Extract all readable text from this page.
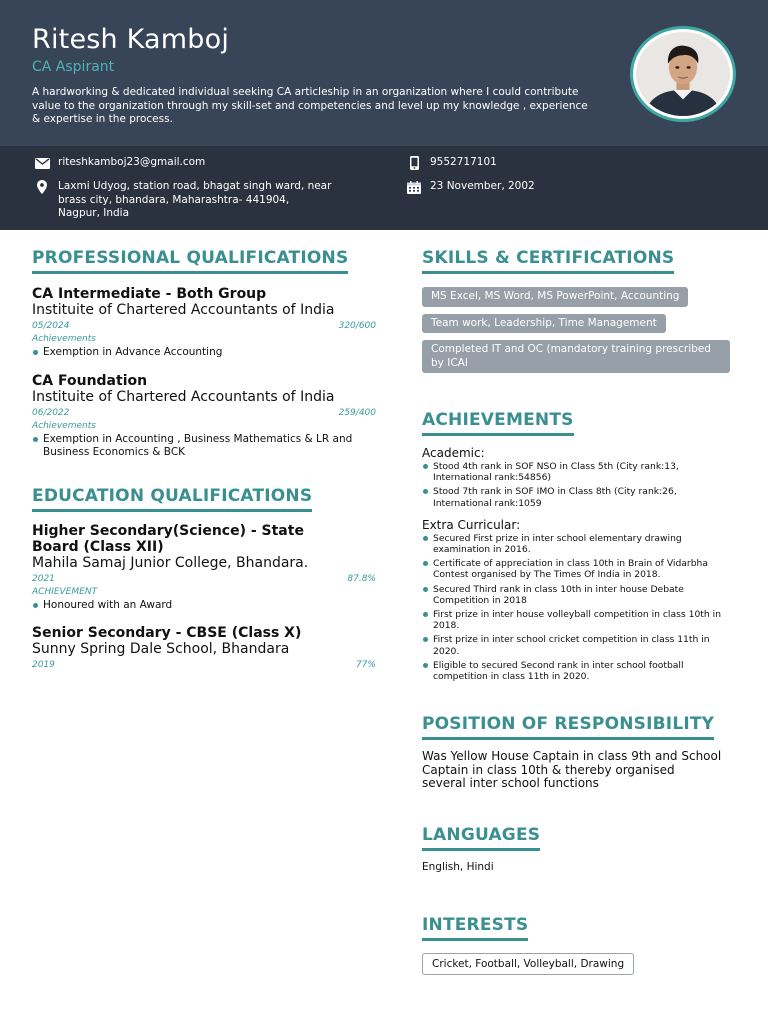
Ritesh Kamboj
CA Aspirant
A hardworking & dedicated individual seeking CA articleship in an organization where I could contribute value to the organization through my skill-set and competencies and level up my knowledge , experience & expertise in the process.
riteshkamboj23@gmail.com	9552717101
Laxmi Udyog, station road, bhagat singh ward, near brass city, bhandara, Maharashtra- 441904, Nagpur, India
23 November, 2002
PROFESSIONAL QUALIFICATIONS
CA Intermediate - Both Group
Instituite of Chartered Accountants of India
05/2024	320/600
Achievements
Exemption in Advance Accounting
CA Foundation
Instituite of Chartered Accountants of India
06/2022	259/400
Achievements
Exemption in Accounting , Business Mathematics & LR and Business Economics & BCK
EDUCATION QUALIFICATIONS
Higher Secondary(Science) - State Board (Class XII)
Mahila Samaj Junior College, Bhandara.
2021	87.8%
ACHIEVEMENT
Honoured with an Award
Senior Secondary - CBSE (Class X)
Sunny Spring Dale School, Bhandara
2019	77%
SKILLS & CERTIFICATIONS
MS Excel, MS Word, MS PowerPoint, Accounting
Team work, Leadership, Time Management
Completed IT and OC (mandatory training prescribed by ICAI
ACHIEVEMENTS
Academic:
Stood 4th rank in SOF NSO in Class 5th (City rank:13, International rank:54856)
Stood 7th rank in SOF IMO in Class 8th (City rank:26, International rank:1059
Extra Curricular:
Secured First prize in inter school elementary drawing examination in 2016.
Certificate of appreciation in class 10th in Brain of Vidarbha Contest organised by The Times Of India in 2018.
Secured Third rank in class 10th in inter house Debate Competition in 2018
First prize in inter house volleyball competition in class 10th in 2018.
First prize in inter school cricket competition in class 11th in 2020.
Eligible to secured Second rank in inter school football competition in class 11th in 2020.
POSITION OF RESPONSIBILITY
Was Yellow House Captain in class 9th and School Captain in class 10th & thereby organised several inter school functions
LANGUAGES
English, Hindi
INTERESTS
Cricket, Football, Volleyball, Drawing
